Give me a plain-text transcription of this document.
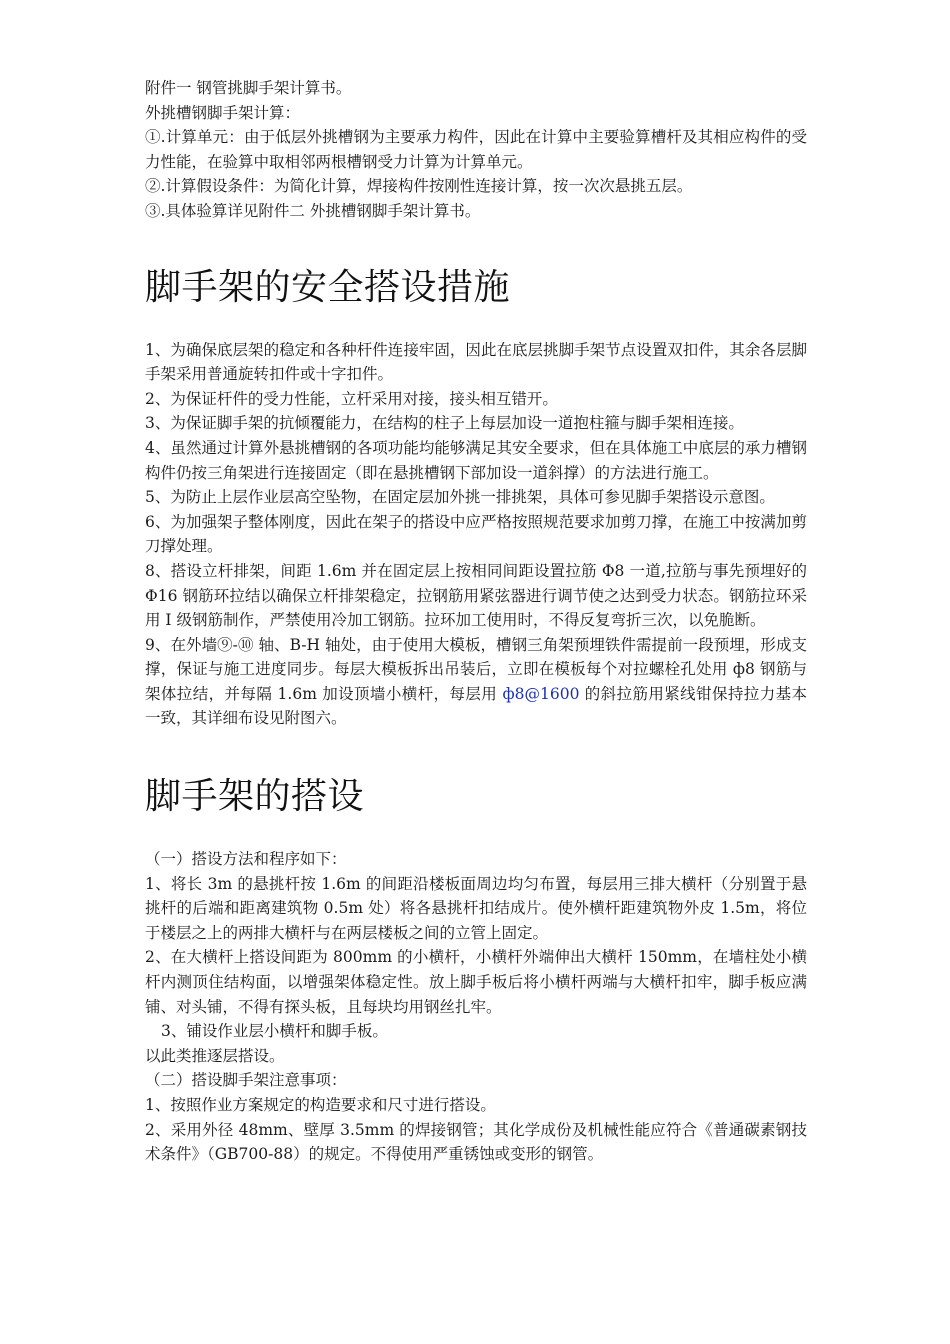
附件一 钢管挑脚手架计算书。

外挑槽钢脚手架计算：

①.计算单元：由于低层外挑槽钢为主要承力构件，因此在计算中主要验算槽杆及其相应构件的受力性能，在验算中取相邻两根槽钢受力计算为计算单元。

②.计算假设条件：为简化计算，焊接构件按刚性连接计算，按一次次悬挑五层。

③.具体验算详见附件二 外挑槽钢脚手架计算书。

脚手架的安全搭设措施

1、为确保底层架的稳定和各种杆件连接牢固，因此在底层挑脚手架节点设置双扣件，其余各层脚手架采用普通旋转扣件或十字扣件。

2、为保证杆件的受力性能，立杆采用对接，接头相互错开。

3、为保证脚手架的抗倾覆能力，在结构的柱子上每层加设一道抱柱箍与脚手架相连接。

4、虽然通过计算外悬挑槽钢的各项功能均能够满足其安全要求，但在具体施工中底层的承力槽钢构件仍按三角架进行连接固定（即在悬挑槽钢下部加设一道斜撑）的方法进行施工。

5、为防止上层作业层高空坠物，在固定层加外挑一排挑架，具体可参见脚手架搭设示意图。

6、为加强架子整体刚度，因此在架子的搭设中应严格按照规范要求加剪刀撑，在施工中按满加剪刀撑处理。

8、搭设立杆排架，间距 1.6m 并在固定层上按相同间距设置拉筋 Φ8 一道,拉筋与事先预埋好的 Φ16 钢筋环拉结以确保立杆排架稳定，拉钢筋用紧弦器进行调节使之达到受力状态。钢筋拉环采用 I 级钢筋制作，严禁使用冷加工钢筋。拉环加工使用时，不得反复弯折三次，以免脆断。

9、在外墙⑨-⑩ 轴、B-H 轴处，由于使用大模板，槽钢三角架预埋铁件需提前一段预埋，形成支撑，保证与施工进度同步。每层大模板拆出吊装后，立即在模板每个对拉螺栓孔处用 ф8 钢筋与架体拉结，并每隔 1.6m 加设顶墙小横杆，每层用 ф8@1600 的斜拉筋用紧线钳保持拉力基本一致，其详细布设见附图六。

脚手架的搭设

（一）搭设方法和程序如下：

1、将长 3m 的悬挑杆按 1.6m 的间距沿楼板面周边均匀布置，每层用三排大横杆（分别置于悬挑杆的后端和距离建筑物 0.5m 处）将各悬挑杆扣结成片。使外横杆距建筑物外皮 1.5m，将位于楼层之上的两排大横杆与在两层楼板之间的立管上固定。

2、在大横杆上搭设间距为 800mm 的小横杆，小横杆外端伸出大横杆 150mm，在墙柱处小横杆内测顶住结构面，以增强架体稳定性。放上脚手板后将小横杆两端与大横杆扣牢，脚手板应满铺、对头铺，不得有探头板，且每块均用钢丝扎牢。

3、铺设作业层小横杆和脚手板。

以此类推逐层搭设。

（二）搭设脚手架注意事项：

1、按照作业方案规定的构造要求和尺寸进行搭设。

2、采用外径 48mm、壁厚 3.5mm 的焊接钢管；其化学成份及机械性能应符合《普通碳素钢技术条件》（GB700-88）的规定。不得使用严重锈蚀或变形的钢管。
